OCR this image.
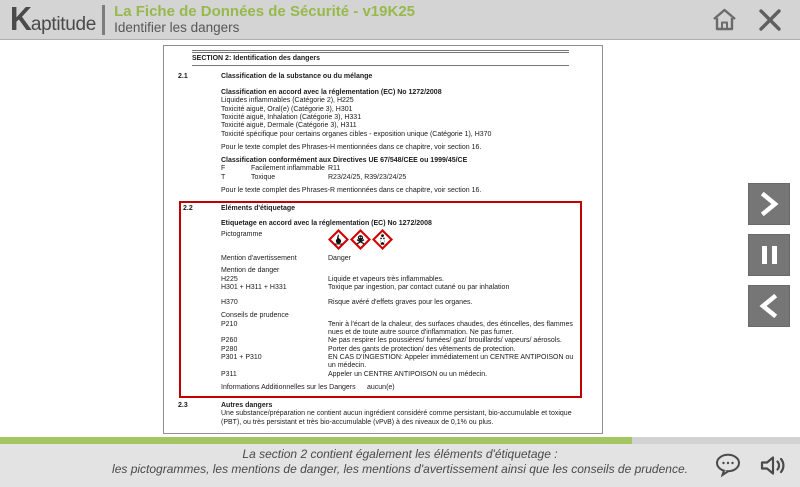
K
aptitude
La Fiche de Données de Sécurité - v19K25
Identifier les dangers
SECTION 2: Identification des dangers
2.1	Classification de la substance ou du mélange
Classification en accord avec la réglementation (EC) No 1272/2008
Liquides inflammables (Catégorie 2), H225
Toxicité aiguë, Oral(e) (Catégorie 3), H301
Toxicité aiguë, Inhalation (Catégorie 3), H331
Toxicité aiguë, Dermale (Catégorie 3), H311
Toxicité spécifique pour certains organes cibles - exposition unique (Catégorie 1), H370
Pour le texte complet des Phrases-H mentionnées dans ce chapitre, voir section 16.
Classification conformément aux Directives UE 67/548/CEE ou 1999/45/CE
F	Facilement inflammable R11
T	Toxique	R23/24/25, R39/23/24/25
Pour le texte complet des Phrases-R mentionnées dans ce chapitre, voir section 16.
2.2	Eléments d'étiquetage
Etiquetage en accord avec la réglementation (EC) No 1272/2008
Pictogramme
Mention d'avertissement	Danger
Mention de danger
H225	Liquide et vapeurs très inflammables.
H301 + H311 + H331	Toxique par ingestion, par contact cutané ou par inhalation
H370	Risque avéré d'effets graves pour les organes.
Conseils de prudence
P210	Tenir à l'écart de la chaleur, des surfaces chaudes, des étincelles, des flammes nues et de toute autre source d'inflammation. Ne pas fumer.
P260	Ne pas respirer les poussières/ fumées/ gaz/ brouillards/ vapeurs/ aérosols.
P280	Porter des gants de protection/ des vêtements de protection.
P301 + P310	EN CAS D'INGESTION: Appeler immédiatement un CENTRE ANTIPOISON ou un médecin.
P311	Appeler un CENTRE ANTIPOISON ou un médecin.
Informations Additionnelles sur les Dangers	aucun(e)
2.3	Autres dangers
Une substance/préparation ne contient aucun ingrédient considéré comme persistant, bio-accumulable et toxique (PBT), ou très persistant et très bio-accumulable (vPvB) à des niveaux de 0,1% ou plus.
La section 2 contient également les éléments d'étiquetage :
les pictogrammes, les mentions de danger, les mentions d'avertissement ainsi que les conseils de prudence.
